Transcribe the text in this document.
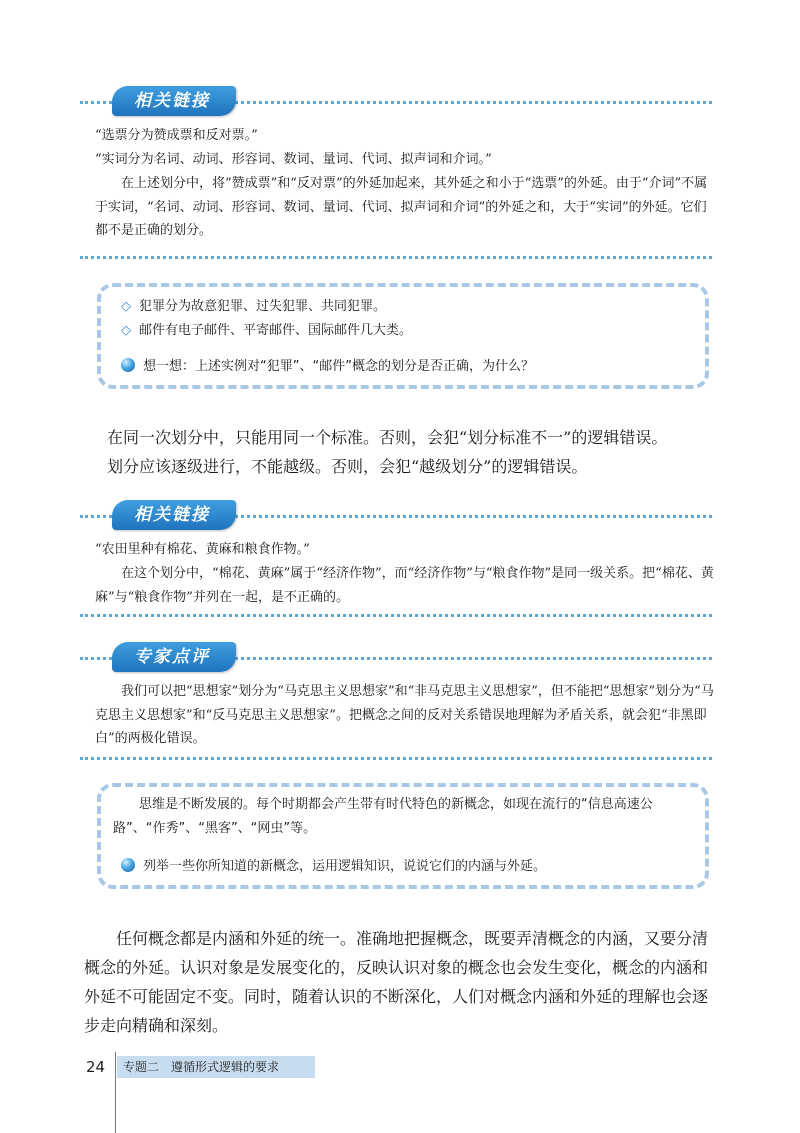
相关链接

“选票分为赞成票和反对票。”

“实词分为名词、动词、形容词、数词、量词、代词、拟声词和介词。”

在上述划分中，将“赞成票”和“反对票”的外延加起来，其外延之和小于“选票”的外延。由于“介词”不属于实词，“名词、动词、形容词、数词、量词、代词、拟声词和介词”的外延之和，大于“实词”的外延。它们都不是正确的划分。

◇ 犯罪分为故意犯罪、过失犯罪、共同犯罪。
◇ 邮件有电子邮件、平寄邮件、国际邮件几大类。
想一想：上述实例对“犯罪”、“邮件”概念的划分是否正确，为什么？

在同一次划分中，只能用同一个标准。否则，会犯“划分标准不一”的逻辑错误。

划分应该逐级进行，不能越级。否则，会犯“越级划分”的逻辑错误。

相关链接

“农田里种有棉花、黄麻和粮食作物。”

在这个划分中，“棉花、黄麻”属于“经济作物”，而“经济作物”与“粮食作物”是同一级关系。把“棉花、黄麻”与“粮食作物”并列在一起，是不正确的。

专家点评

我们可以把“思想家”划分为“马克思主义思想家”和“非马克思主义思想家”，但不能把“思想家”划分为“马克思主义思想家”和“反马克思主义思想家”。把概念之间的反对关系错误地理解为矛盾关系，就会犯“非黑即白”的两极化错误。

思维是不断发展的。每个时期都会产生带有时代特色的新概念，如现在流行的“信息高速公路”、“作秀”、“黑客”、“网虫”等。

列举一些你所知道的新概念，运用逻辑知识，说说它们的内涵与外延。

任何概念都是内涵和外延的统一。准确地把握概念，既要弄清概念的内涵，又要分清概念的外延。认识对象是发展变化的，反映认识对象的概念也会发生变化，概念的内涵和外延不可能固定不变。同时，随着认识的不断深化，人们对概念内涵和外延的理解也会逐步走向精确和深刻。

24	专题二 遵循形式逻辑的要求
